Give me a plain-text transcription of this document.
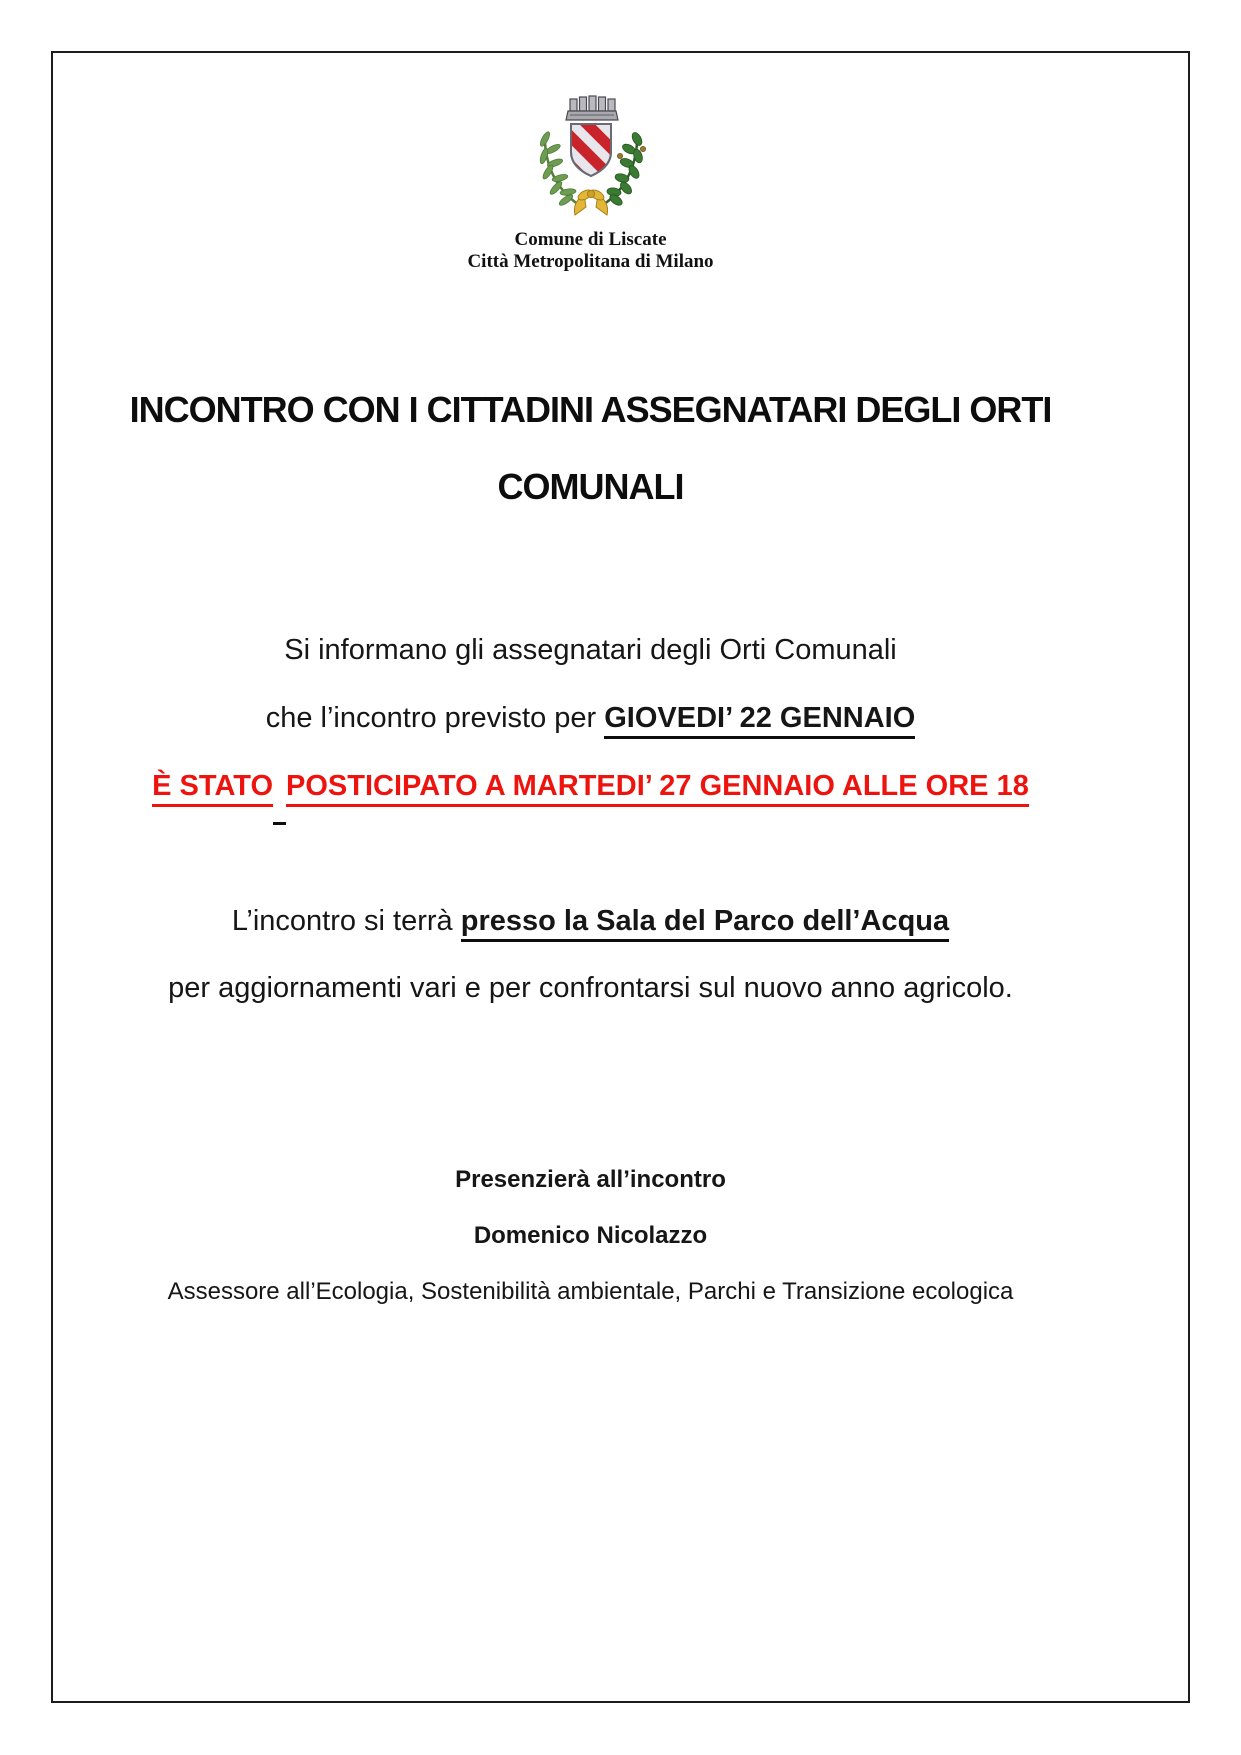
Comune di Liscate
Città Metropolitana di Milano
INCONTRO CON I CITTADINI ASSEGNATARI DEGLI ORTI
COMUNALI
Si informano gli assegnatari degli Orti Comunali
che l’incontro previsto per GIOVEDI’ 22 GENNAIO
È STATO POSTICIPATO A MARTEDI’ 27 GENNAIO ALLE ORE 18
L’incontro si terrà presso la Sala del Parco dell’Acqua
per aggiornamenti vari e per confrontarsi sul nuovo anno agricolo.
Presenzierà all’incontro
Domenico Nicolazzo
Assessore all’Ecologia, Sostenibilità ambientale, Parchi e Transizione ecologica
